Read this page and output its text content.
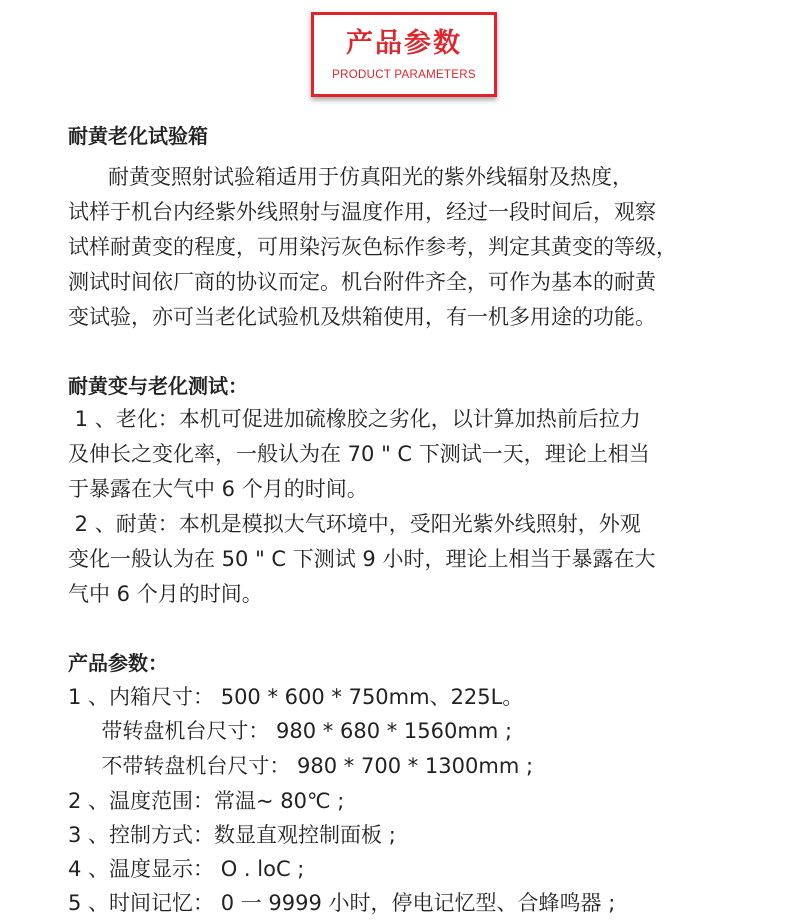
产品参数
PRODUCT PARAMETERS
耐黄老化试验箱
耐黄变照射试验箱适用于仿真阳光的紫外线辐射及热度，
试样于机台内经紫外线照射与温度作用，经过一段时间后，观察
试样耐黄变的程度，可用染污灰色标作参考，判定其黄变的等级，
测试时间依厂商的协议而定。机台附件齐全，可作为基本的耐黄
变试验，亦可当老化试验机及烘箱使用，有一机多用途的功能。
耐黄变与老化测试：
1 、老化：本机可促进加硫橡胶之劣化，以计算加热前后拉力
及伸长之变化率，一般认为在 70 " C 下测试一天，理论上相当
于暴露在大气中 6 个月的时间。
2 、耐黄：本机是模拟大气环境中，受阳光紫外线照射，外观
变化一般认为在 50 " C 下测试 9 小时，理论上相当于暴露在大
气中 6 个月的时间。
产品参数：
1 、内箱尺寸： 500 * 600 * 750mm、225L。
带转盘机台尺寸： 980 * 680 * 1560mm ;
不带转盘机台尺寸： 980 * 700 * 1300mm ;
2 、温度范围：常温~ 80℃ ;
3 、控制方式：数显直观控制面板 ;
4 、温度显示： O . loC ;
5 、时间记忆： 0 一 9999 小时，停电记忆型、合蜂鸣器 ;
